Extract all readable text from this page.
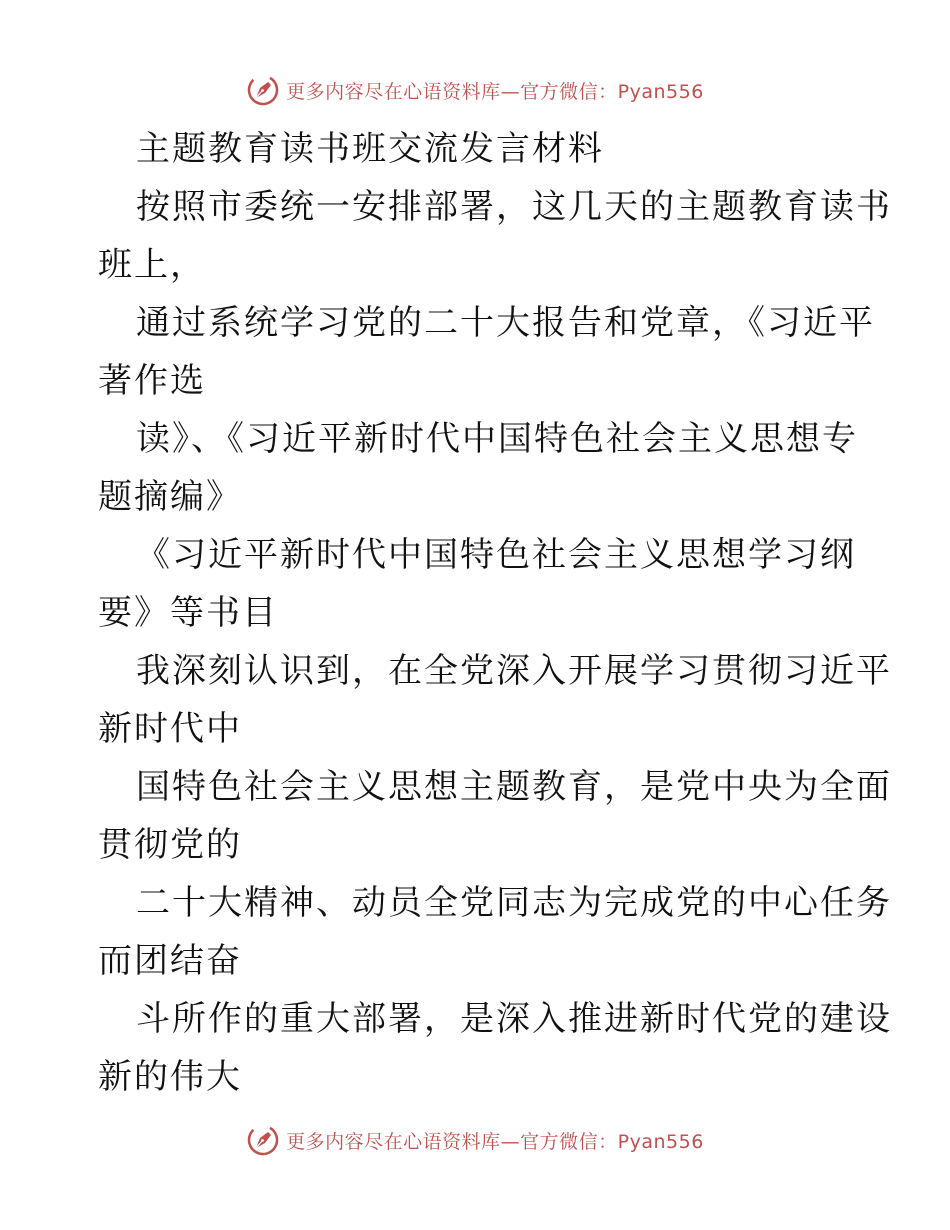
更多内容尽在心语资料库—官方微信：Pyan556
主题教育读书班交流发言材料
按照市委统一安排部署，这几天的主题教育读书
班上，
通过系统学习党的二十大报告和党章，《习近平
著作选
读》、《习近平新时代中国特色社会主义思想专
题摘编》
《习近平新时代中国特色社会主义思想学习纲
要》等书目
我深刻认识到，在全党深入开展学习贯彻习近平
新时代中
国特色社会主义思想主题教育，是党中央为全面
贯彻党的
二十大精神、动员全党同志为完成党的中心任务
而团结奋
斗所作的重大部署，是深入推进新时代党的建设
新的伟大
更多内容尽在心语资料库—官方微信：Pyan556
